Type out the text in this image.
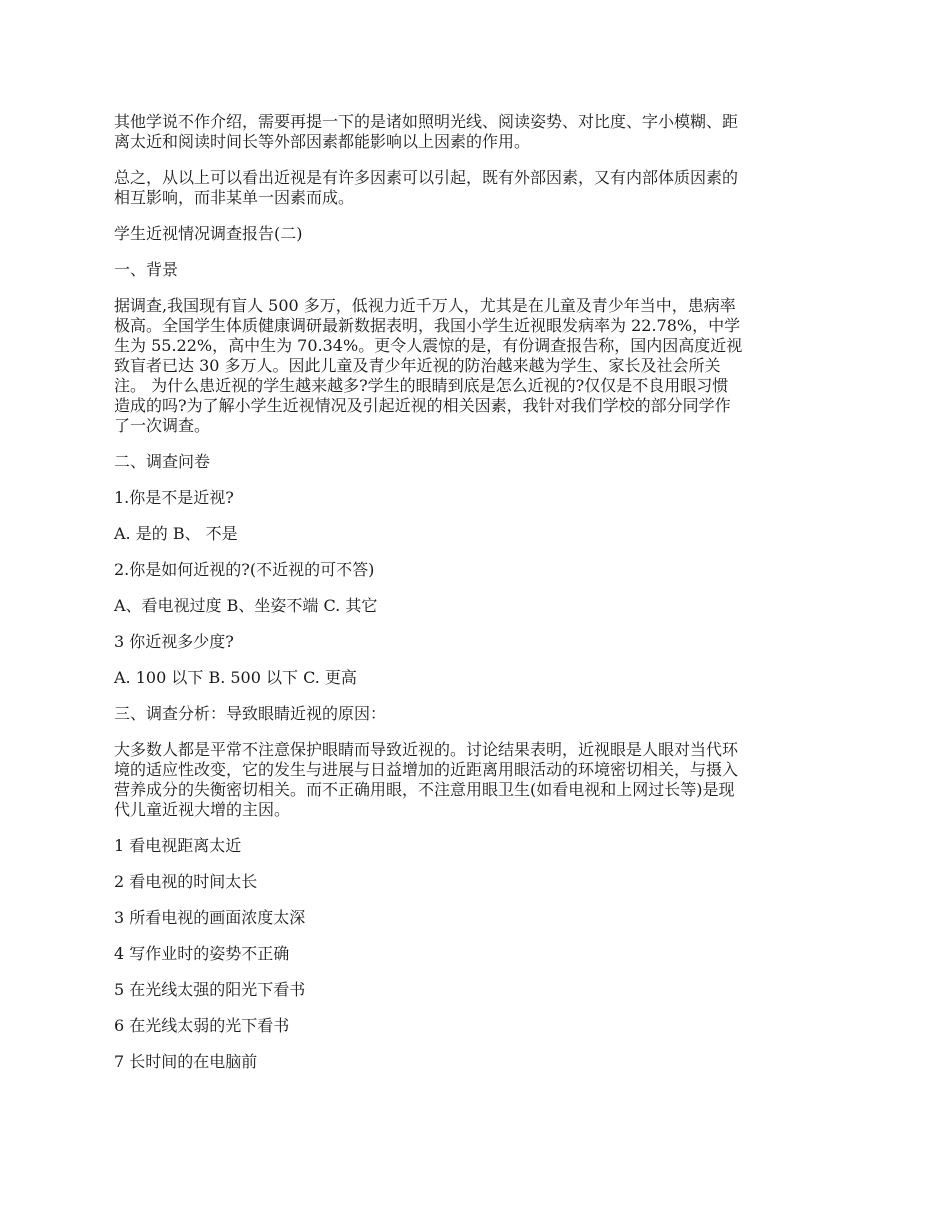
其他学说不作介绍，需要再提一下的是诸如照明光线、阅读姿势、对比度、字小模糊、距
离太近和阅读时间长等外部因素都能影响以上因素的作用。

总之，从以上可以看出近视是有许多因素可以引起，既有外部因素，又有内部体质因素的
相互影响，而非某单一因素而成。

学生近视情况调查报告(二)

一、背景

据调查,我国现有盲人 500 多万，低视力近千万人，尤其是在儿童及青少年当中，患病率
极高。全国学生体质健康调研最新数据表明，我国小学生近视眼发病率为 22.78%，中学
生为 55.22%，高中生为 70.34%。更令人震惊的是，有份调查报告称，国内因高度近视
致盲者已达 30 多万人。因此儿童及青少年近视的防治越来越为学生、家长及社会所关
注。 为什么患近视的学生越来越多?学生的眼睛到底是怎么近视的?仅仅是不良用眼习惯
造成的吗?为了解小学生近视情况及引起近视的相关因素，我针对我们学校的部分同学作
了一次调查。

二、调查问卷

1.你是不是近视?

A. 是的 B、 不是

2.你是如何近视的?(不近视的可不答)

A、看电视过度 B、坐姿不端 C. 其它

3 你近视多少度?

A. 100 以下 B. 500 以下 C. 更高

三、调查分析：导致眼睛近视的原因：

大多数人都是平常不注意保护眼睛而导致近视的。讨论结果表明，近视眼是人眼对当代环
境的适应性改变，它的发生与进展与日益增加的近距离用眼活动的环境密切相关，与摄入
营养成分的失衡密切相关。而不正确用眼，不注意用眼卫生(如看电视和上网过长等)是现
代儿童近视大增的主因。

1 看电视距离太近

2 看电视的时间太长

3 所看电视的画面浓度太深

4 写作业时的姿势不正确

5 在光线太强的阳光下看书

6 在光线太弱的光下看书

7 长时间的在电脑前
